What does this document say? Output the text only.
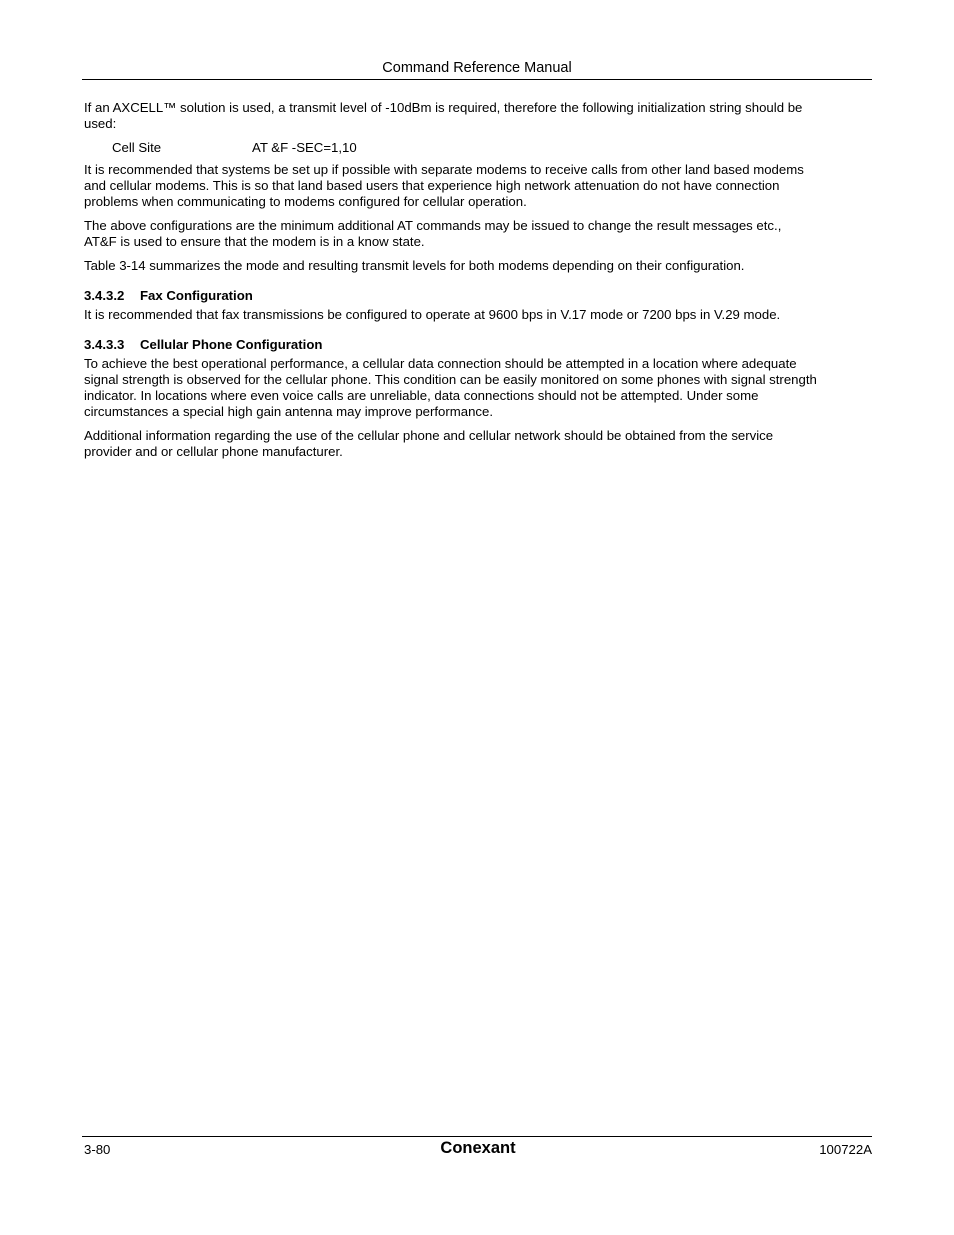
Command Reference Manual

If an AXCELL™ solution is used, a transmit level of -10dBm is required, therefore the following initialization string should be
used:

Cell Site	AT &F -SEC=1,10

It is recommended that systems be set up if possible with separate modems to receive calls from other land based modems
and cellular modems. This is so that land based users that experience high network attenuation do not have connection
problems when communicating to modems configured for cellular operation.

The above configurations are the minimum additional AT commands may be issued to change the result messages etc.,
AT&F is used to ensure that the modem is in a know state.

Table 3-14 summarizes the mode and resulting transmit levels for both modems depending on their configuration.

3.4.3.2 Fax Configuration

It is recommended that fax transmissions be configured to operate at 9600 bps in V.17 mode or 7200 bps in V.29 mode.

3.4.3.3 Cellular Phone Configuration

To achieve the best operational performance, a cellular data connection should be attempted in a location where adequate
signal strength is observed for the cellular phone. This condition can be easily monitored on some phones with signal strength
indicator. In locations where even voice calls are unreliable, data connections should not be attempted. Under some
circumstances a special high gain antenna may improve performance.

Additional information regarding the use of the cellular phone and cellular network should be obtained from the service
provider and or cellular phone manufacturer.

3-80	Conexant	100722A
